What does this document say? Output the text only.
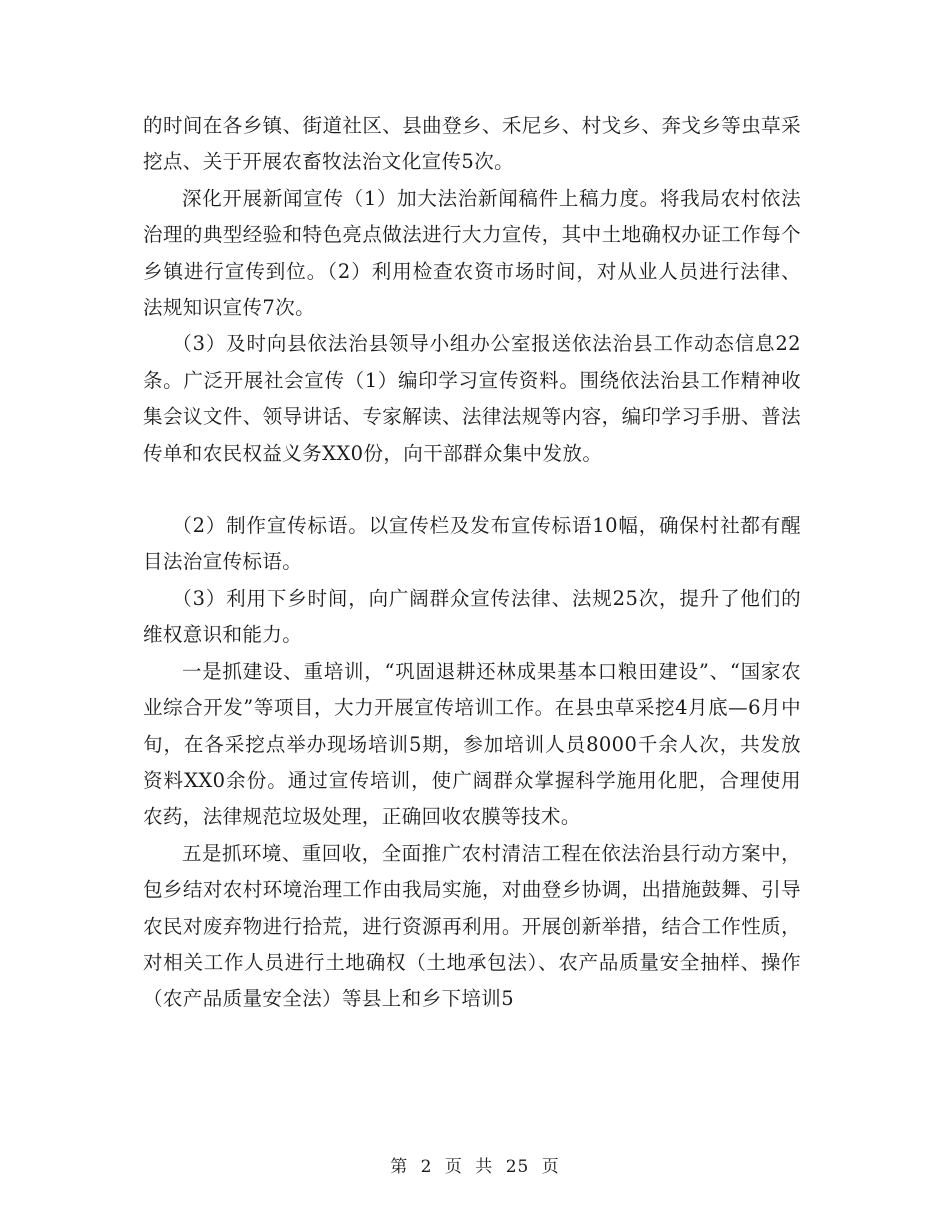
的时间在各乡镇、街道社区、县曲登乡、禾尼乡、村戈乡、奔戈乡等虫草采挖点、关于开展农畜牧法治文化宣传5次。

深化开展新闻宣传（1）加大法治新闻稿件上稿力度。将我局农村依法治理的典型经验和特色亮点做法进行大力宣传，其中土地确权办证工作每个乡镇进行宣传到位。（2）利用检查农资市场时间，对从业人员进行法律、法规知识宣传7次。

（3）及时向县依法治县领导小组办公室报送依法治县工作动态信息22条。广泛开展社会宣传（1）编印学习宣传资料。围绕依法治县工作精神收集会议文件、领导讲话、专家解读、法律法规等内容，编印学习手册、普法传单和农民权益义务XX0份，向干部群众集中发放。

（2）制作宣传标语。以宣传栏及发布宣传标语10幅，确保村社都有醒目法治宣传标语。

（3）利用下乡时间，向广阔群众宣传法律、法规25次，提升了他们的维权意识和能力。

一是抓建设、重培训，“巩固退耕还林成果基本口粮田建设”、“国家农业综合开发”等项目，大力开展宣传培训工作。在县虫草采挖4月底—6月中旬，在各采挖点举办现场培训5期，参加培训人员8000千余人次，共发放资料XX0余份。通过宣传培训，使广阔群众掌握科学施用化肥，合理使用农药，法律规范垃圾处理，正确回收农膜等技术。

五是抓环境、重回收，全面推广农村清洁工程在依法治县行动方案中，包乡结对农村环境治理工作由我局实施，对曲登乡协调，出措施鼓舞、引导农民对废弃物进行拾荒，进行资源再利用。开展创新举措，结合工作性质，对相关工作人员进行土地确权（土地承包法）、农产品质量安全抽样、操作（农产品质量安全法）等县上和乡下培训5

第 2 页 共 25 页
